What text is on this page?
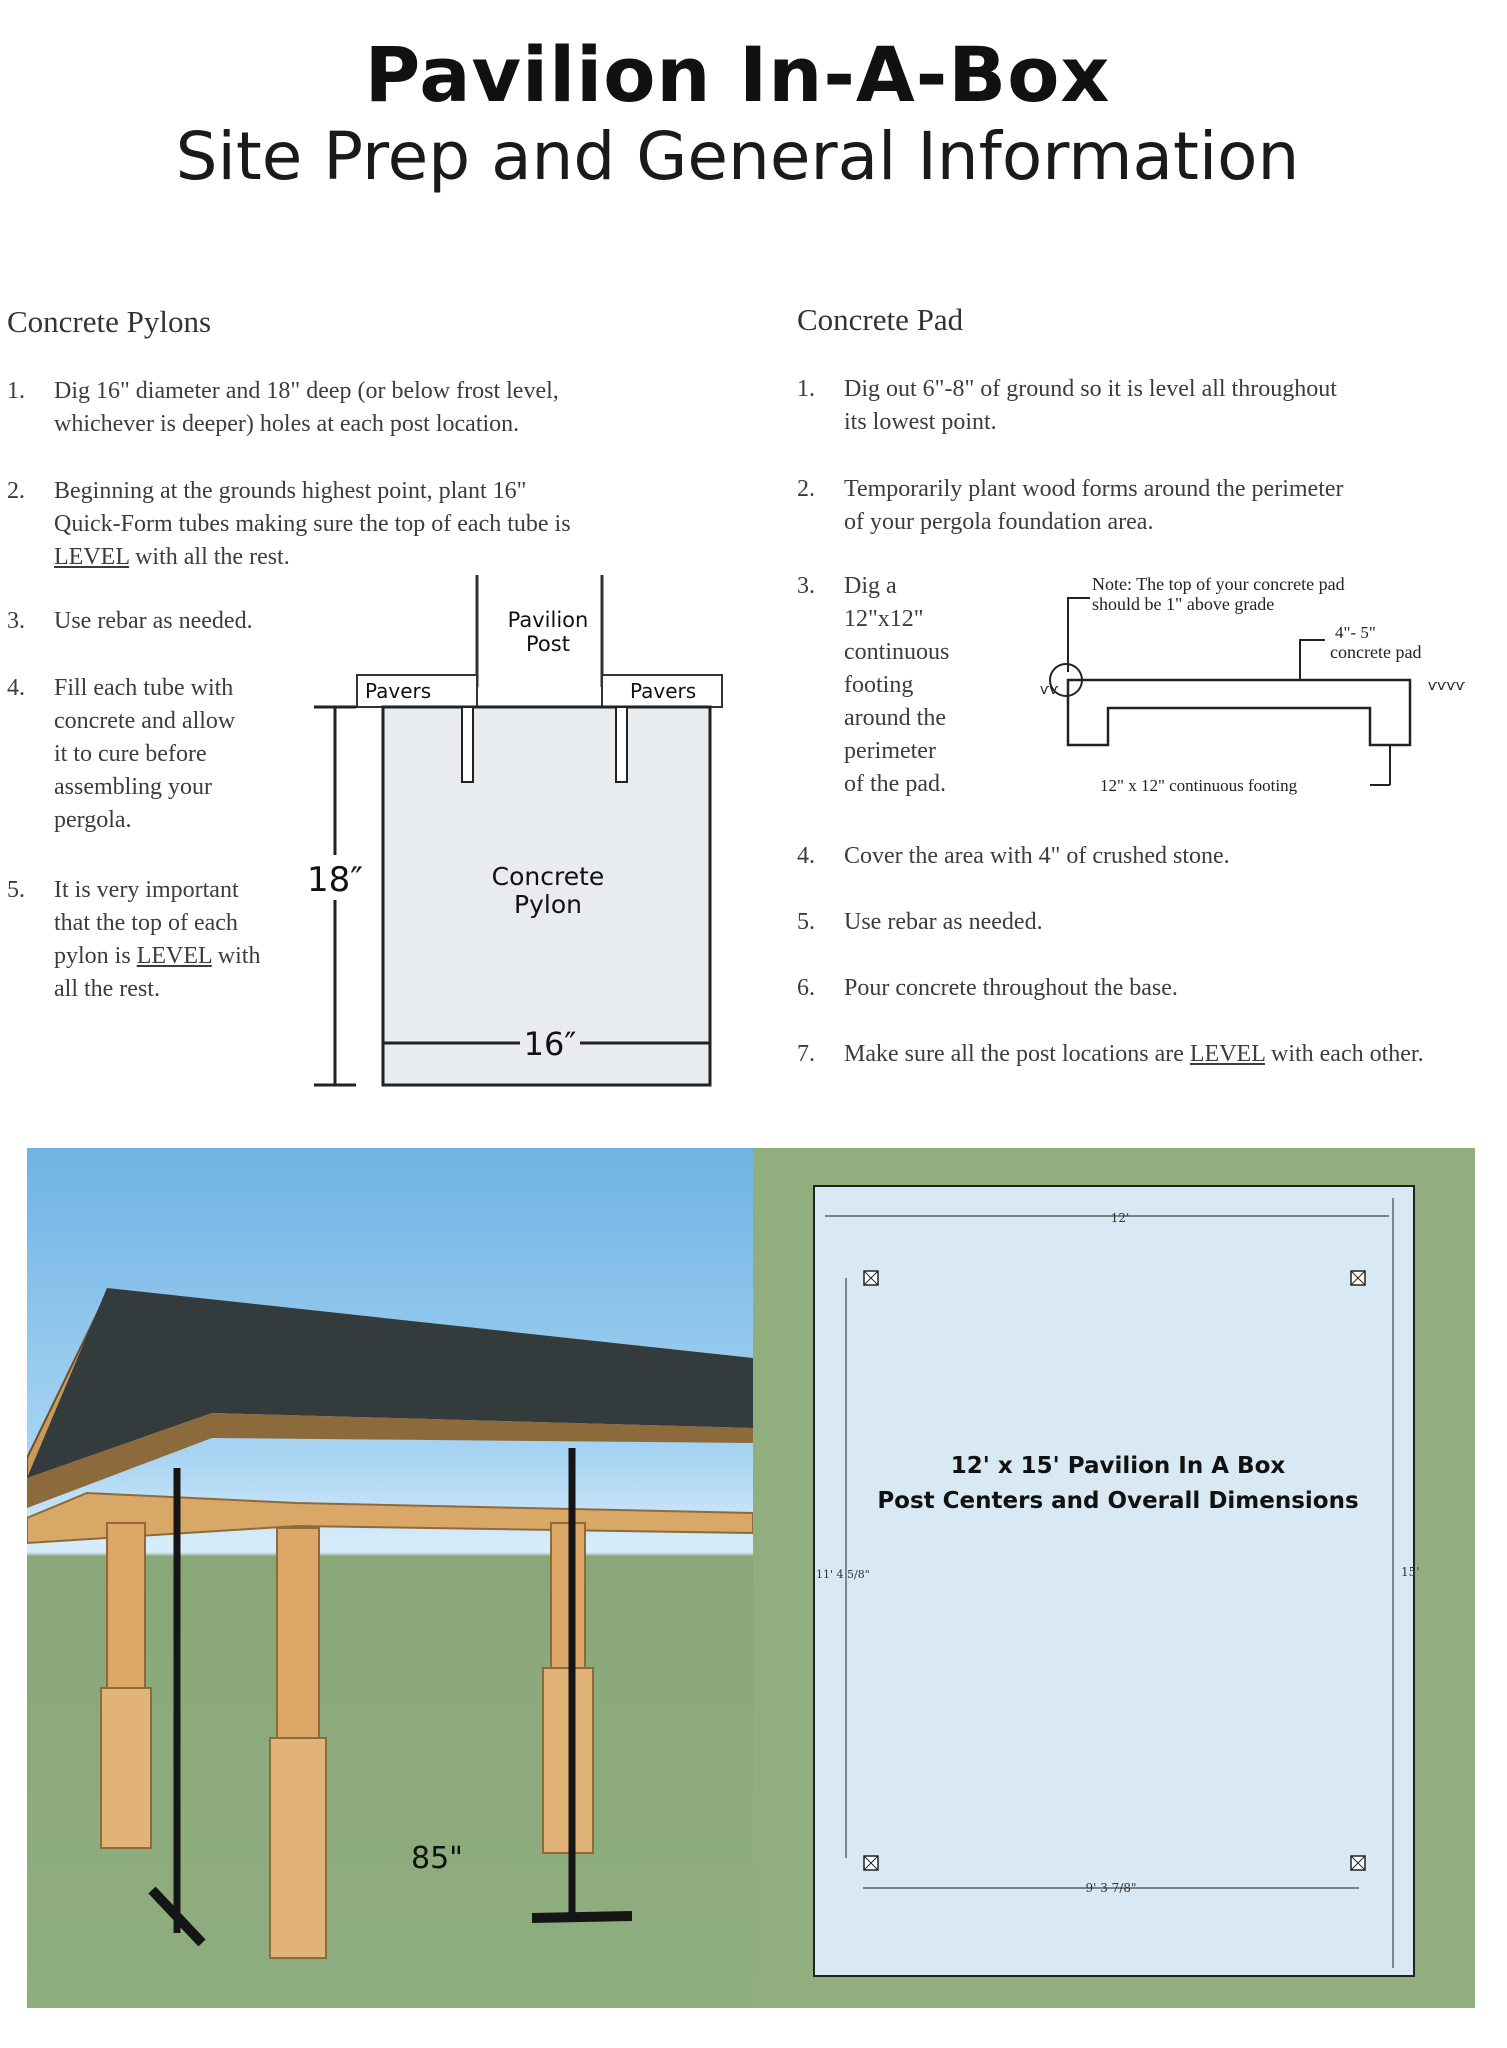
Pavilion In-A-Box
Site Prep and General Information
Concrete Pylons
1. Dig 16" diameter and 18" deep (or below frost level,
whichever is deeper) holes at each post location.
2. Beginning at the grounds highest point, plant 16"
Quick-Form tubes making sure the top of each tube is
LEVEL with all the rest.
3. Use rebar as needed.
4. Fill each tube with
concrete and allow
it to cure before
assembling your
pergola.
5. It is very important
that the top of each
pylon is LEVEL with
all the rest.
Pavilion
Post
Pavers	Pavers
Concrete
Pylon
16″
18″
Concrete Pad
1. Dig out 6"-8" of ground so it is level all throughout
its lowest point.
2. Temporarily plant wood forms around the perimeter
of your pergola foundation area.
3. Dig a
12"x12"
continuous
footing
around the
perimeter
of the pad.
Note: The top of your concrete pad
should be 1" above grade
4"- 5"
concrete pad
ѵѵ	ѵѵѵѵ
12" x 12" continuous footing
4. Cover the area with 4" of crushed stone.
5. Use rebar as needed.
6. Pour concrete throughout the base.
7. Make sure all the post locations are LEVEL with each other.
85"
12'
15'
11' 4 5/8"
9' 3 7/8"
12' x 15' Pavilion In A Box
Post Centers and Overall Dimensions
